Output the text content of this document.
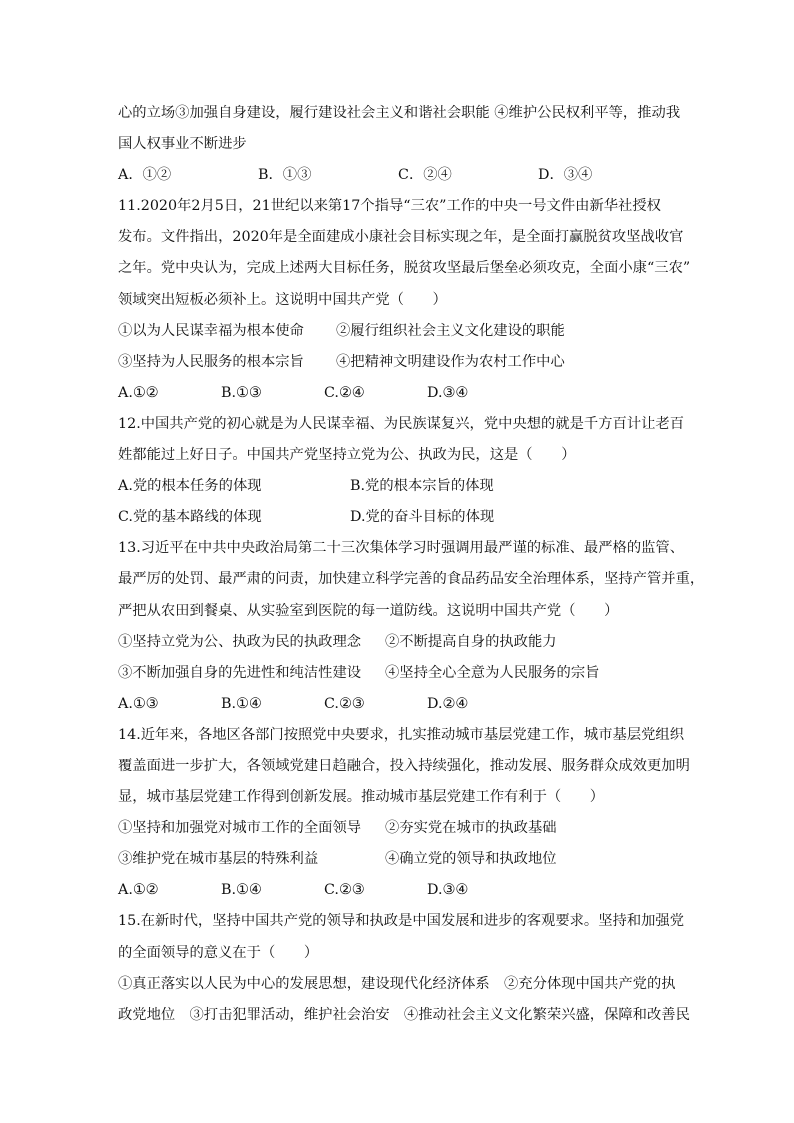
心的立场③加强自身建设，履行建设社会主义和谐社会职能 ④维护公民权利平等，推动我
国人权事业不断进步
A．①②	B．①③	C．②④	D．③④
11.2020年2月5日，21世纪以来第17个指导“三农”工作的中央一号文件由新华社授权
发布。文件指出，2020年是全面建成小康社会目标实现之年，是全面打赢脱贫攻坚战收官
之年。党中央认为，完成上述两大目标任务，脱贫攻坚最后堡垒必须攻克，全面小康“三农”
领域突出短板必须补上。这说明中国共产党（　　）
①以为人民谋幸福为根本使命	②履行组织社会主义文化建设的职能
③坚持为人民服务的根本宗旨	④把精神文明建设作为农村工作中心
A.①②	B.①③	C.②④	D.③④
12.中国共产党的初心就是为人民谋幸福、为民族谋复兴，党中央想的就是千方百计让老百
姓都能过上好日子。中国共产党坚持立党为公、执政为民，这是（　　）
A.党的根本任务的体现	B.党的根本宗旨的体现
C.党的基本路线的体现	D.党的奋斗目标的体现
13.习近平在中共中央政治局第二十三次集体学习时强调用最严谨的标准、最严格的监管、
最严厉的处罚、最严肃的问责，加快建立科学完善的食品药品安全治理体系，坚持产管并重，
严把从农田到餐桌、从实验室到医院的每一道防线。这说明中国共产党（　　）
①坚持立党为公、执政为民的执政理念	②不断提高自身的执政能力
③不断加强自身的先进性和纯洁性建设	④坚持全心全意为人民服务的宗旨
A.①③	B.①④	C.②③	D.②④
14.近年来，各地区各部门按照党中央要求，扎实推动城市基层党建工作，城市基层党组织
覆盖面进一步扩大，各领域党建日趋融合，投入持续强化，推动发展、服务群众成效更加明
显，城市基层党建工作得到创新发展。推动城市基层党建工作有利于（　　）
①坚持和加强党对城市工作的全面领导	②夯实党在城市的执政基础
③维护党在城市基层的特殊利益	④确立党的领导和执政地位
A.①②	B.①④	C.②③	D.③④
15.在新时代，坚持中国共产党的领导和执政是中国发展和进步的客观要求。坚持和加强党
的全面领导的意义在于（　　）
①真正落实以人民为中心的发展思想，建设现代化经济体系　②充分体现中国共产党的执
政党地位　③打击犯罪活动，维护社会治安　④推动社会主义文化繁荣兴盛，保障和改善民
